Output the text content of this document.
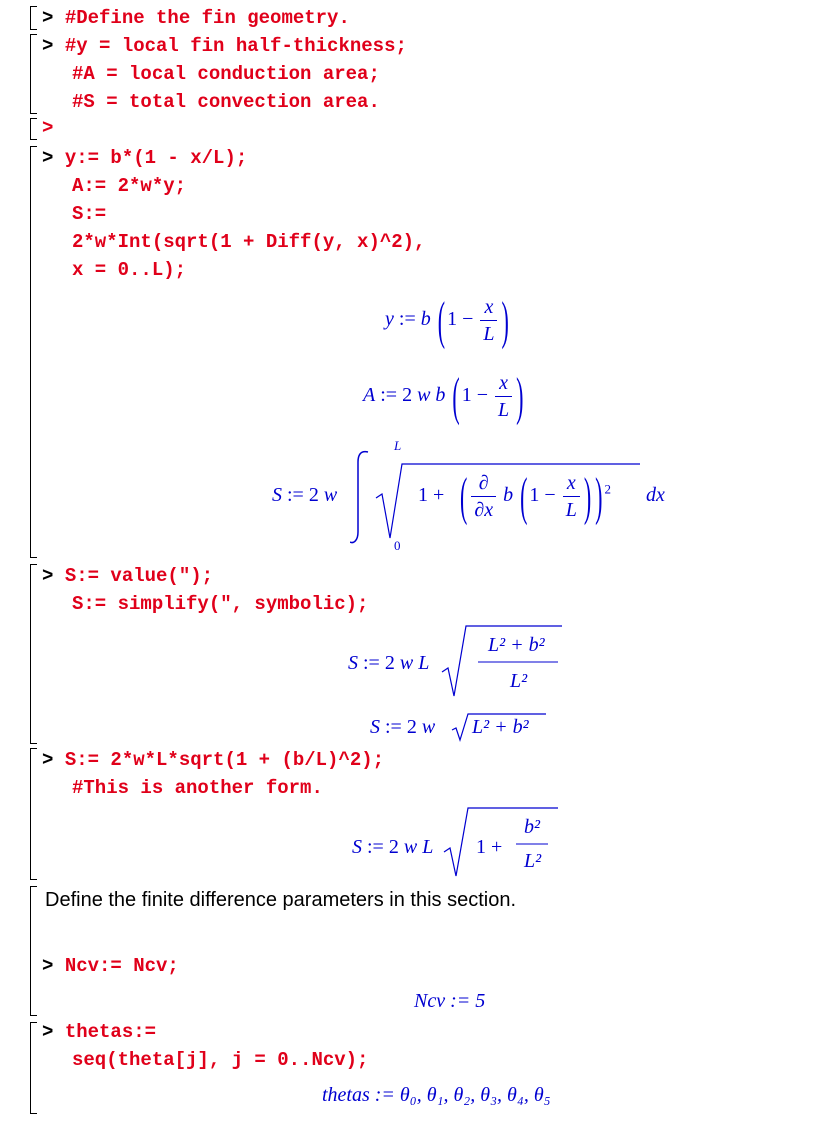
> #Define the fin geometry.
> #y = local fin half-thickness;
#A = local conduction area;
#S = total convection area.
>
> y:= b*(1 - x/L);
A:= 2*w*y;
S:=
2*w*Int(sqrt(1 + Diff(y, x)^2),
x = 0..L);
y := b ( $1 - \frac{x}{L}$ )
A := 2 w b ( $1 - \frac{x}{L}$ )
S := 2 w
L
0
1 + ( $\frac{\partial}{\partial x}$ b ( $1 - \frac{x}{L}$ ) ) $^2$ dx
> S:= value(");
S:= simplify(", symbolic);
S := 2 w L
L² + b²
L²
S := 2 w L² + b²
> S:= 2*w*L*sqrt(1 + (b/L)^2);
#This is another form.
S := 2 w L 1 +
b²
L²
Define the finite difference parameters in this section.
> Ncv:= Ncv;
Ncv := 5
> thetas:=
seq(theta[j], j = 0..Ncv);
thetas := θ₀, θ₁, θ₂, θ₃, θ₄, θ₅
